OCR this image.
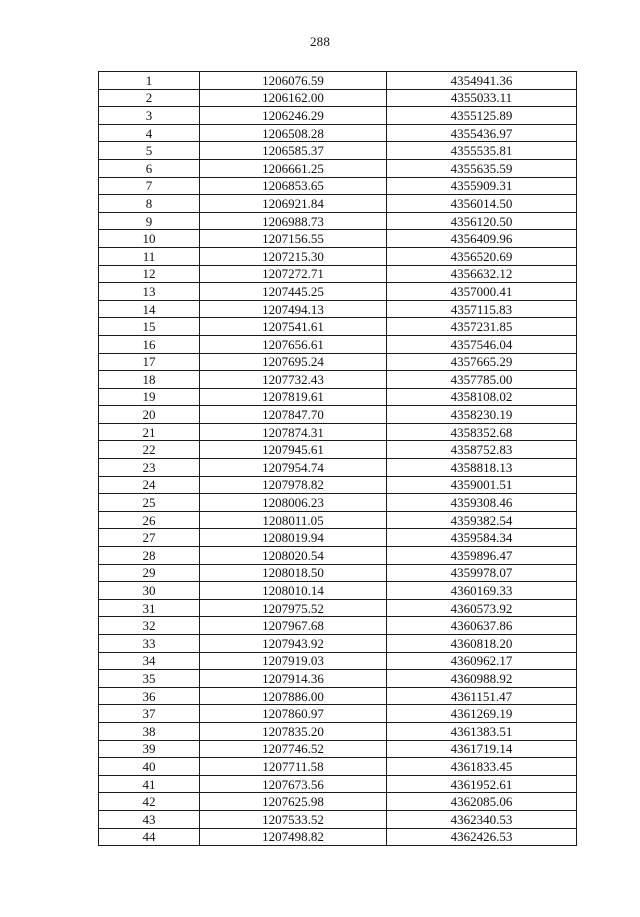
288
1	1206076.59	4354941.36
2	1206162.00	4355033.11
3	1206246.29	4355125.89
4	1206508.28	4355436.97
5	1206585.37	4355535.81
6	1206661.25	4355635.59
7	1206853.65	4355909.31
8	1206921.84	4356014.50
9	1206988.73	4356120.50
10	1207156.55	4356409.96
11	1207215.30	4356520.69
12	1207272.71	4356632.12
13	1207445.25	4357000.41
14	1207494.13	4357115.83
15	1207541.61	4357231.85
16	1207656.61	4357546.04
17	1207695.24	4357665.29
18	1207732.43	4357785.00
19	1207819.61	4358108.02
20	1207847.70	4358230.19
21	1207874.31	4358352.68
22	1207945.61	4358752.83
23	1207954.74	4358818.13
24	1207978.82	4359001.51
25	1208006.23	4359308.46
26	1208011.05	4359382.54
27	1208019.94	4359584.34
28	1208020.54	4359896.47
29	1208018.50	4359978.07
30	1208010.14	4360169.33
31	1207975.52	4360573.92
32	1207967.68	4360637.86
33	1207943.92	4360818.20
34	1207919.03	4360962.17
35	1207914.36	4360988.92
36	1207886.00	4361151.47
37	1207860.97	4361269.19
38	1207835.20	4361383.51
39	1207746.52	4361719.14
40	1207711.58	4361833.45
41	1207673.56	4361952.61
42	1207625.98	4362085.06
43	1207533.52	4362340.53
44	1207498.82	4362426.53
